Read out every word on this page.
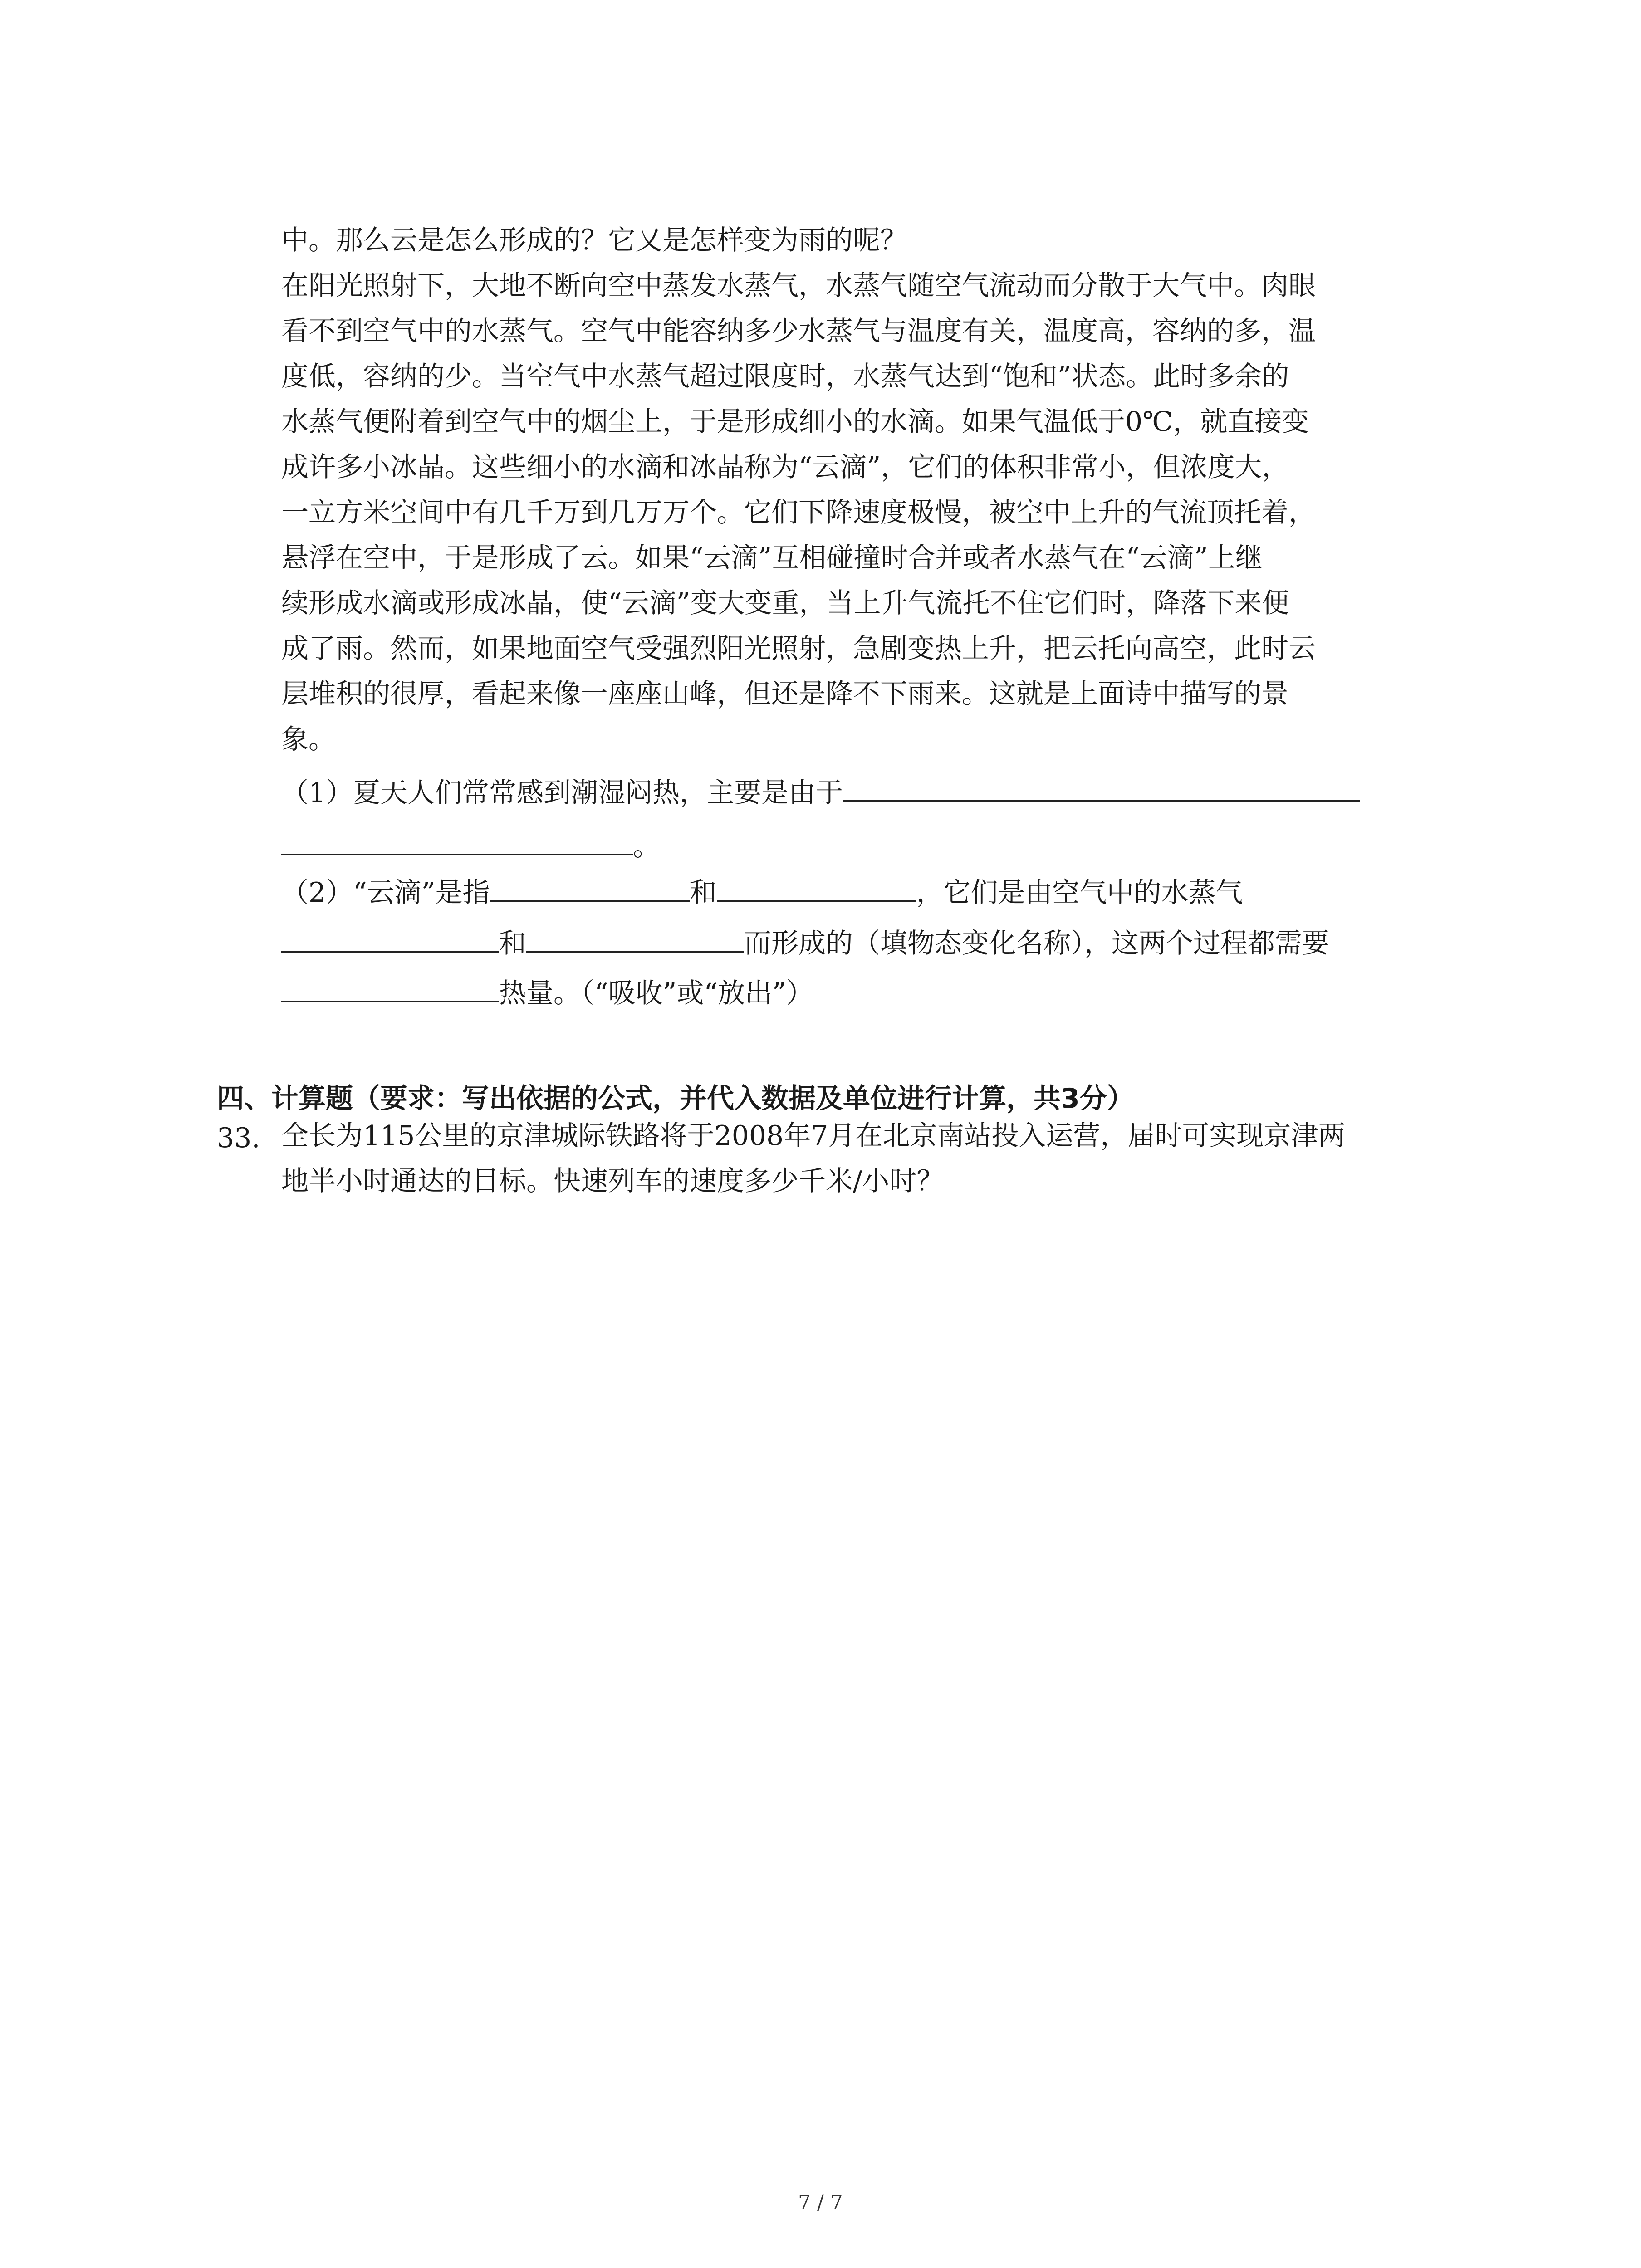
中。那么云是怎么形成的？它又是怎样变为雨的呢？

在阳光照射下，大地不断向空中蒸发水蒸气，水蒸气随空气流动而分散于大气中。肉眼

看不到空气中的水蒸气。空气中能容纳多少水蒸气与温度有关，温度高，容纳的多，温

度低，容纳的少。当空气中水蒸气超过限度时，水蒸气达到“饱和”状态。此时多余的

水蒸气便附着到空气中的烟尘上，于是形成细小的水滴。如果气温低于0℃，就直接变

成许多小冰晶。这些细小的水滴和冰晶称为“云滴”，它们的体积非常小，但浓度大，

一立方米空间中有几千万到几万万个。它们下降速度极慢，被空中上升的气流顶托着，

悬浮在空中，于是形成了云。如果“云滴”互相碰撞时合并或者水蒸气在“云滴”上继

续形成水滴或形成冰晶，使“云滴”变大变重，当上升气流托不住它们时，降落下来便

成了雨。然而，如果地面空气受强烈阳光照射，急剧变热上升，把云托向高空，此时云

层堆积的很厚，看起来像一座座山峰，但还是降不下雨来。这就是上面诗中描写的景

象。

（1）夏天人们常常感到潮湿闷热，主要是由于

。

（2）“云滴”是指	和	，它们是由空气中的水蒸气

和	而形成的（填物态变化名称），这两个过程都需要

热量。（“吸收”或“放出”）

四、计算题（要求：写出依据的公式，并代入数据及单位进行计算，共3分）
33. 全长为115公里的京津城际铁路将于2008年7月在北京南站投入运营，届时可实现京津两

地半小时通达的目标。快速列车的速度多少千米/小时？

7 / 7
